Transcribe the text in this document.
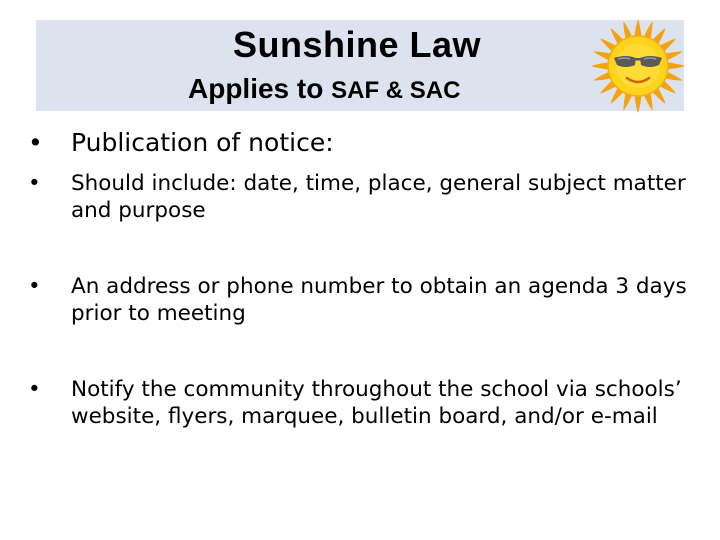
Sunshine Law
Applies to SAF & SAC
• Publication of notice:
• Should include: date, time, place, general subject matter and purpose
• An address or phone number to obtain an agenda 3 days prior to meeting
• Notify the community throughout the school via schools’ website, flyers, marquee, bulletin board, and/or e-mail
